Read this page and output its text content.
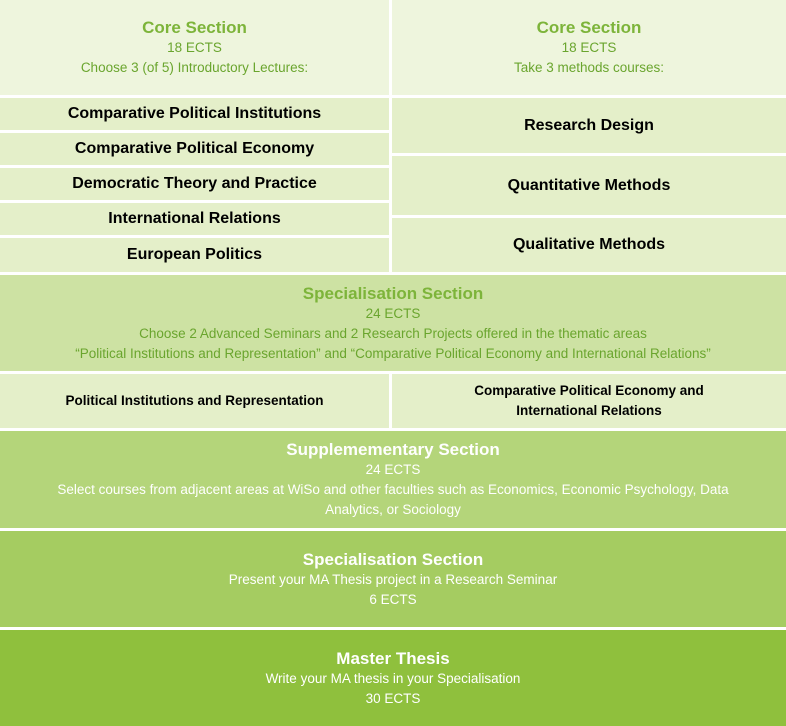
Core Section
18 ECTS
Choose 3 (of 5) Introductory Lectures:
Core Section
18 ECTS
Take 3 methods courses:
Comparative Political Institutions
Comparative Political Economy
Democratic Theory and Practice
International Relations
European Politics
Research Design
Quantitative Methods
Qualitative Methods
Specialisation Section
24 ECTS
Choose 2 Advanced Seminars and 2 Research Projects offered in the thematic areas
“Political Institutions and Representation” and “Comparative Political Economy and International Relations”
Political Institutions and Representation
Comparative Political Economy and International Relations
Supplemementary Section
24 ECTS
Select courses from adjacent areas at WiSo and other faculties such as Economics, Economic Psychology, Data Analytics, or Sociology
Specialisation Section
Present your MA Thesis project in a Research Seminar
6 ECTS
Master Thesis
Write your MA thesis in your Specialisation
30 ECTS
